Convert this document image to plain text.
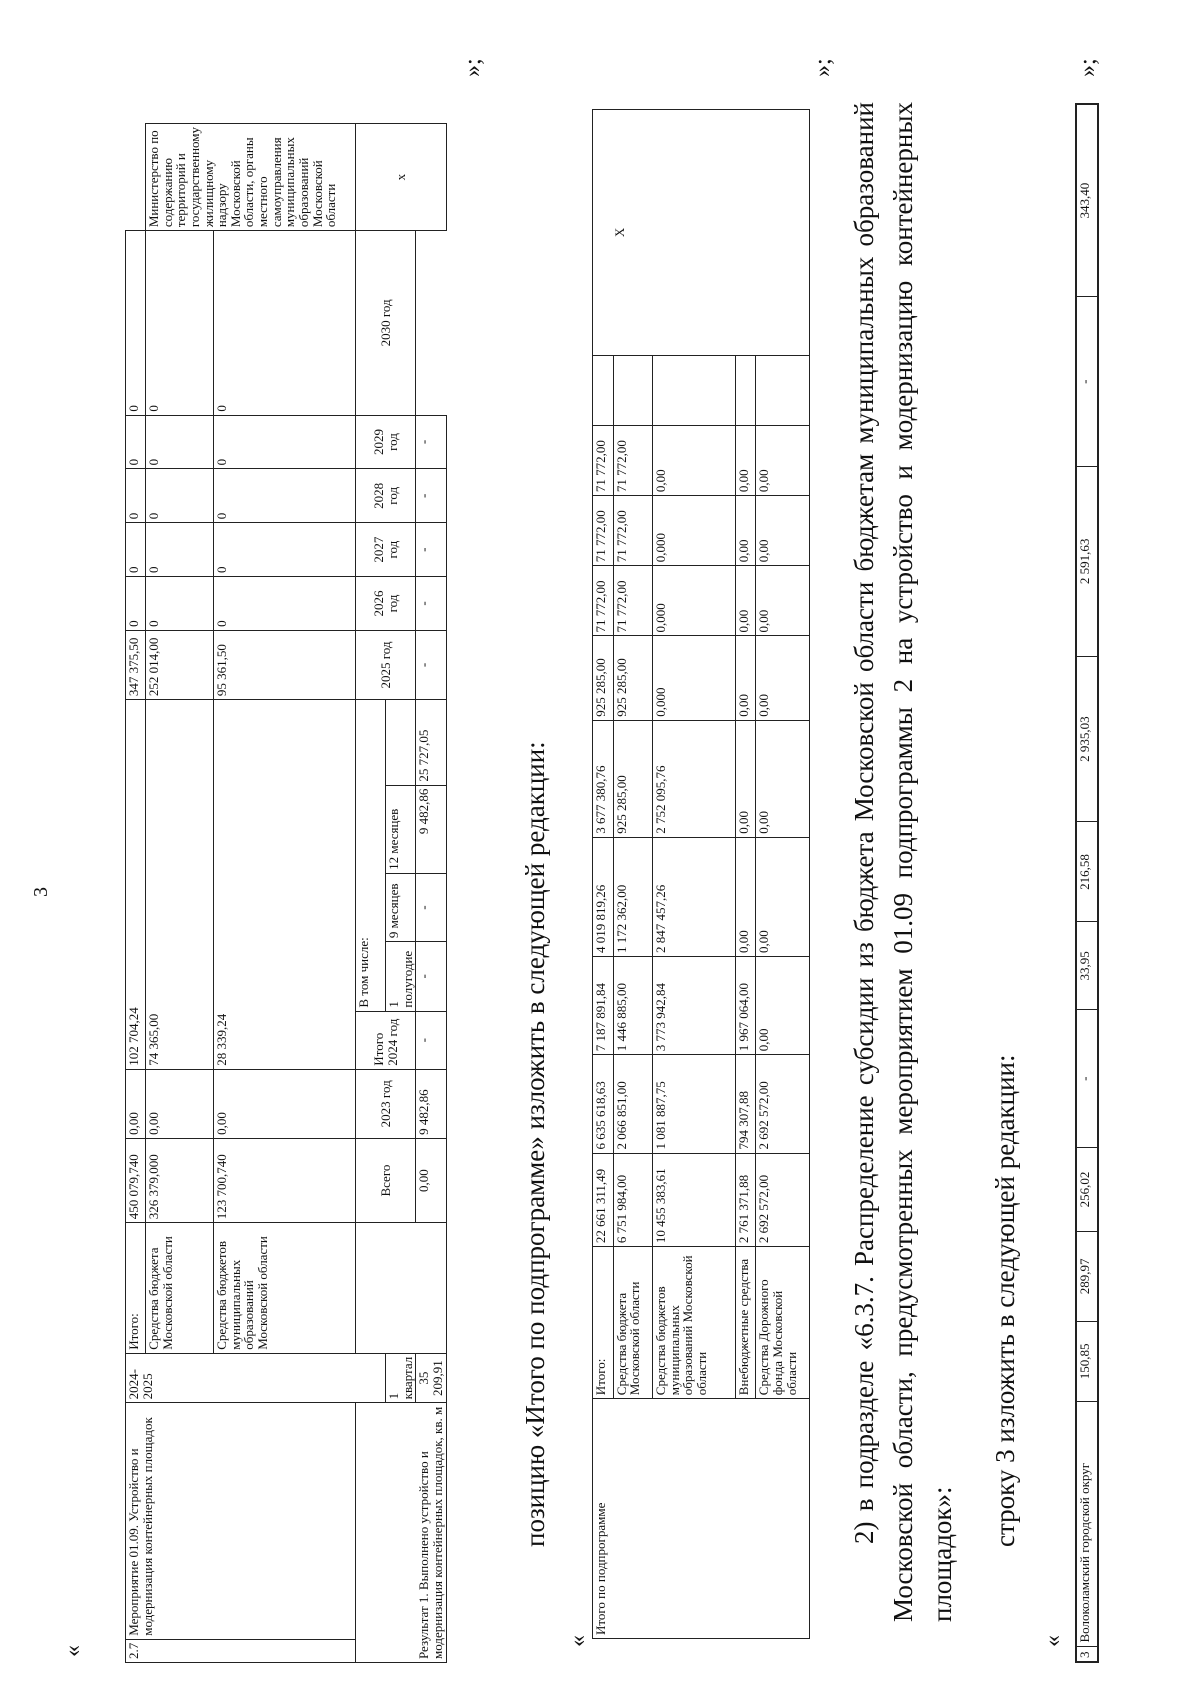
3
«	2.7	Мероприятие 01.09. Устройство и модернизация контейнерных площадок	2024-2025	Итого:	450 079,740	0,00	102 704,24					347 375,50	0	0	0	0	0	
			Средства бюджета Московской области	326 379,000	0,00	74 365,00					252 014,00	0	0	0	0	0	Министерство по содержанию территорий и государственному жилищному надзору Московской области, органы местного самоуправления муниципальных образований Московской области
			Средства бюджетов муниципальных образований Московской области	123 700,740	0,00	28 339,24					95 361,50	0	0	0	0	0	
Результат 1. Выполнено устройство и модернизация контейнерных площадок, кв. м				Всего	2023 год	Итого 2024 год	В том числе:				2025 год	2026 год	2027 год	2028 год	2029 год	2030 год	х
		1 квартал					1 полугодие	9 месяцев	12 месяцев								
		35 209,91		0,00	9 482,86	-	-	-	9 482,86	25 727,05	-	-	-	-	-		
»;
позицию «Итого по подпрограмме» изложить в следующей редакции:
«
Итого по подпрограмме	Итого:	22 661 311,49	6 635 618,63	7 187 891,84	4 019 819,26	3 677 380,76	925 285,00	71 772,00	71 772,00	71 772,00		Х
	Средства бюджета Московской области	6 751 984,00	2 066 851,00	1 446 885,00	1 172 362,00	925 285,00	925 285,00	71 772,00	71 772,00	71 772,00		
	Средства бюджетов муниципальных образований Московской области	10 455 383,61	1 081 887,75	3 773 942,84	2 847 457,26	2 752 095,76	0,000	0,000	0,000	0,00		
	Внебюджетные средства	2 761 371,88	794 307,88	1 967 064,00	0,00	0,00	0,00	0,00	0,00	0,00		
	Средства Дорожного фонда Московской области	2 692 572,00	2 692 572,00	0,00	0,00	0,00	0,00	0,00	0,00	0,00		
»;
2) в подразделе «6.3.7. Распределение субсидии из бюджета Московской области бюджетам муниципальных образований Московской области, предусмотренных мероприятием 01.09 подпрограммы 2 на устройство и модернизацию контейнерных площадок»:
строку 3 изложить в следующей редакции:
«
3	Волоколамский городской округ	150,85	289,97	256,02	-	33,95	216,58	2 935,03	2 591,63	-	343,40
»;
